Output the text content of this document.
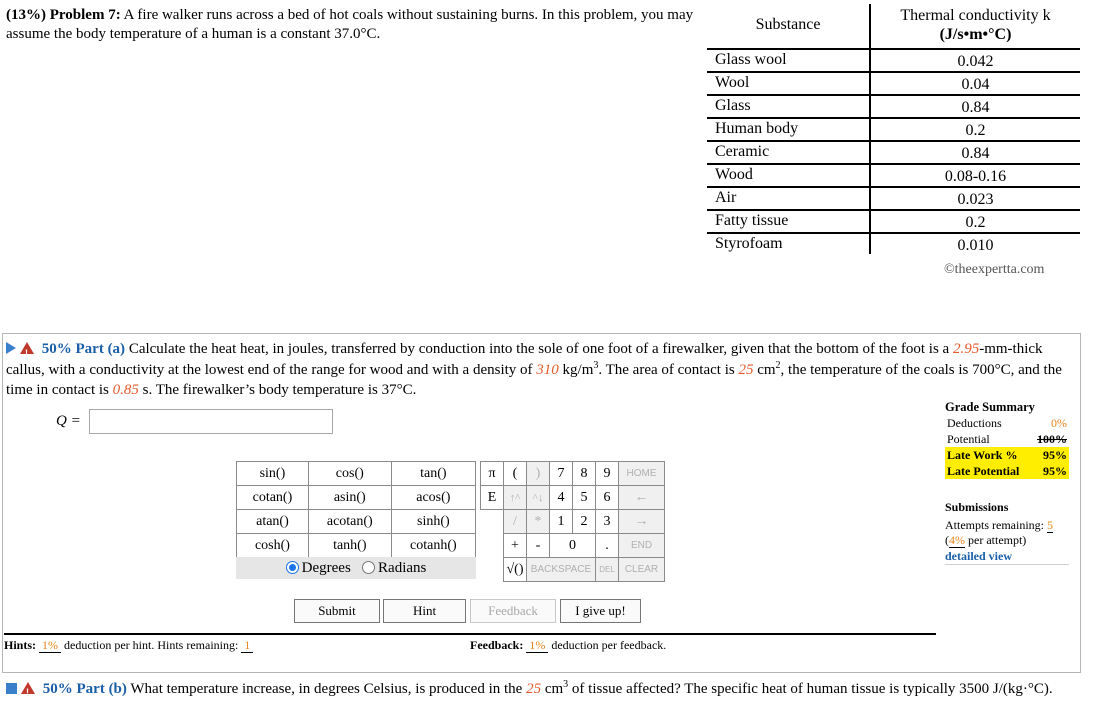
(13%) Problem 7: A fire walker runs across a bed of hot coals without sustaining burns. In this problem, you may assume the body temperature of a human is a constant 37.0°C.
Substance
Thermal conductivity k
(J/s•m•°C)
Glass wool	0.042
Wool	0.04
Glass	0.84
Human body	0.2
Ceramic	0.84
Wood	0.08-0.16
Air	0.023
Fatty tissue	0.2
Styrofoam	0.010
©theexpertta.com
! 50% Part (a) Calculate the heat heat, in joules, transferred by conduction into the sole of one foot of a firewalker, given that the bottom of the foot is a 2.95-mm-thick callus, with a conductivity at the lowest end of the range for wood and with a density of 310 $kg/m^3$. The area of contact is 25 $cm^2$, the temperature of the coals is 700°C, and the time in contact is 0.85 s. The firewalker’s body temperature is 37°C.
Q =
Grade Summary
Deductions	0%
Potential	100%
Late Work % 95%
Late Potential 95%
Submissions
Attempts remaining: 5
(4% per attempt)
detailed view
sin()	cos()	tan()
cotan()	asin()	acos()
atan()	acotan()	sinh()
cosh()	tanh()	cotanh()
Degrees Radians
π	(	)	7	8	9	HOME
E	↑^	^↓	4	5	6	←
	/	*	1	2	3	→
	+	-	0		.	END
	√()	BACKSPACE			DEL	CLEAR
Submit	Hint	Feedback	I give up!
Hints: 1% deduction per hint. Hints remaining: 1	Feedback: 1% deduction per feedback.
! 50% Part (b) What temperature increase, in degrees Celsius, is produced in the 25 $cm^3$ of tissue affected? The specific heat of human tissue is typically 3500 J/(kg·°C).
